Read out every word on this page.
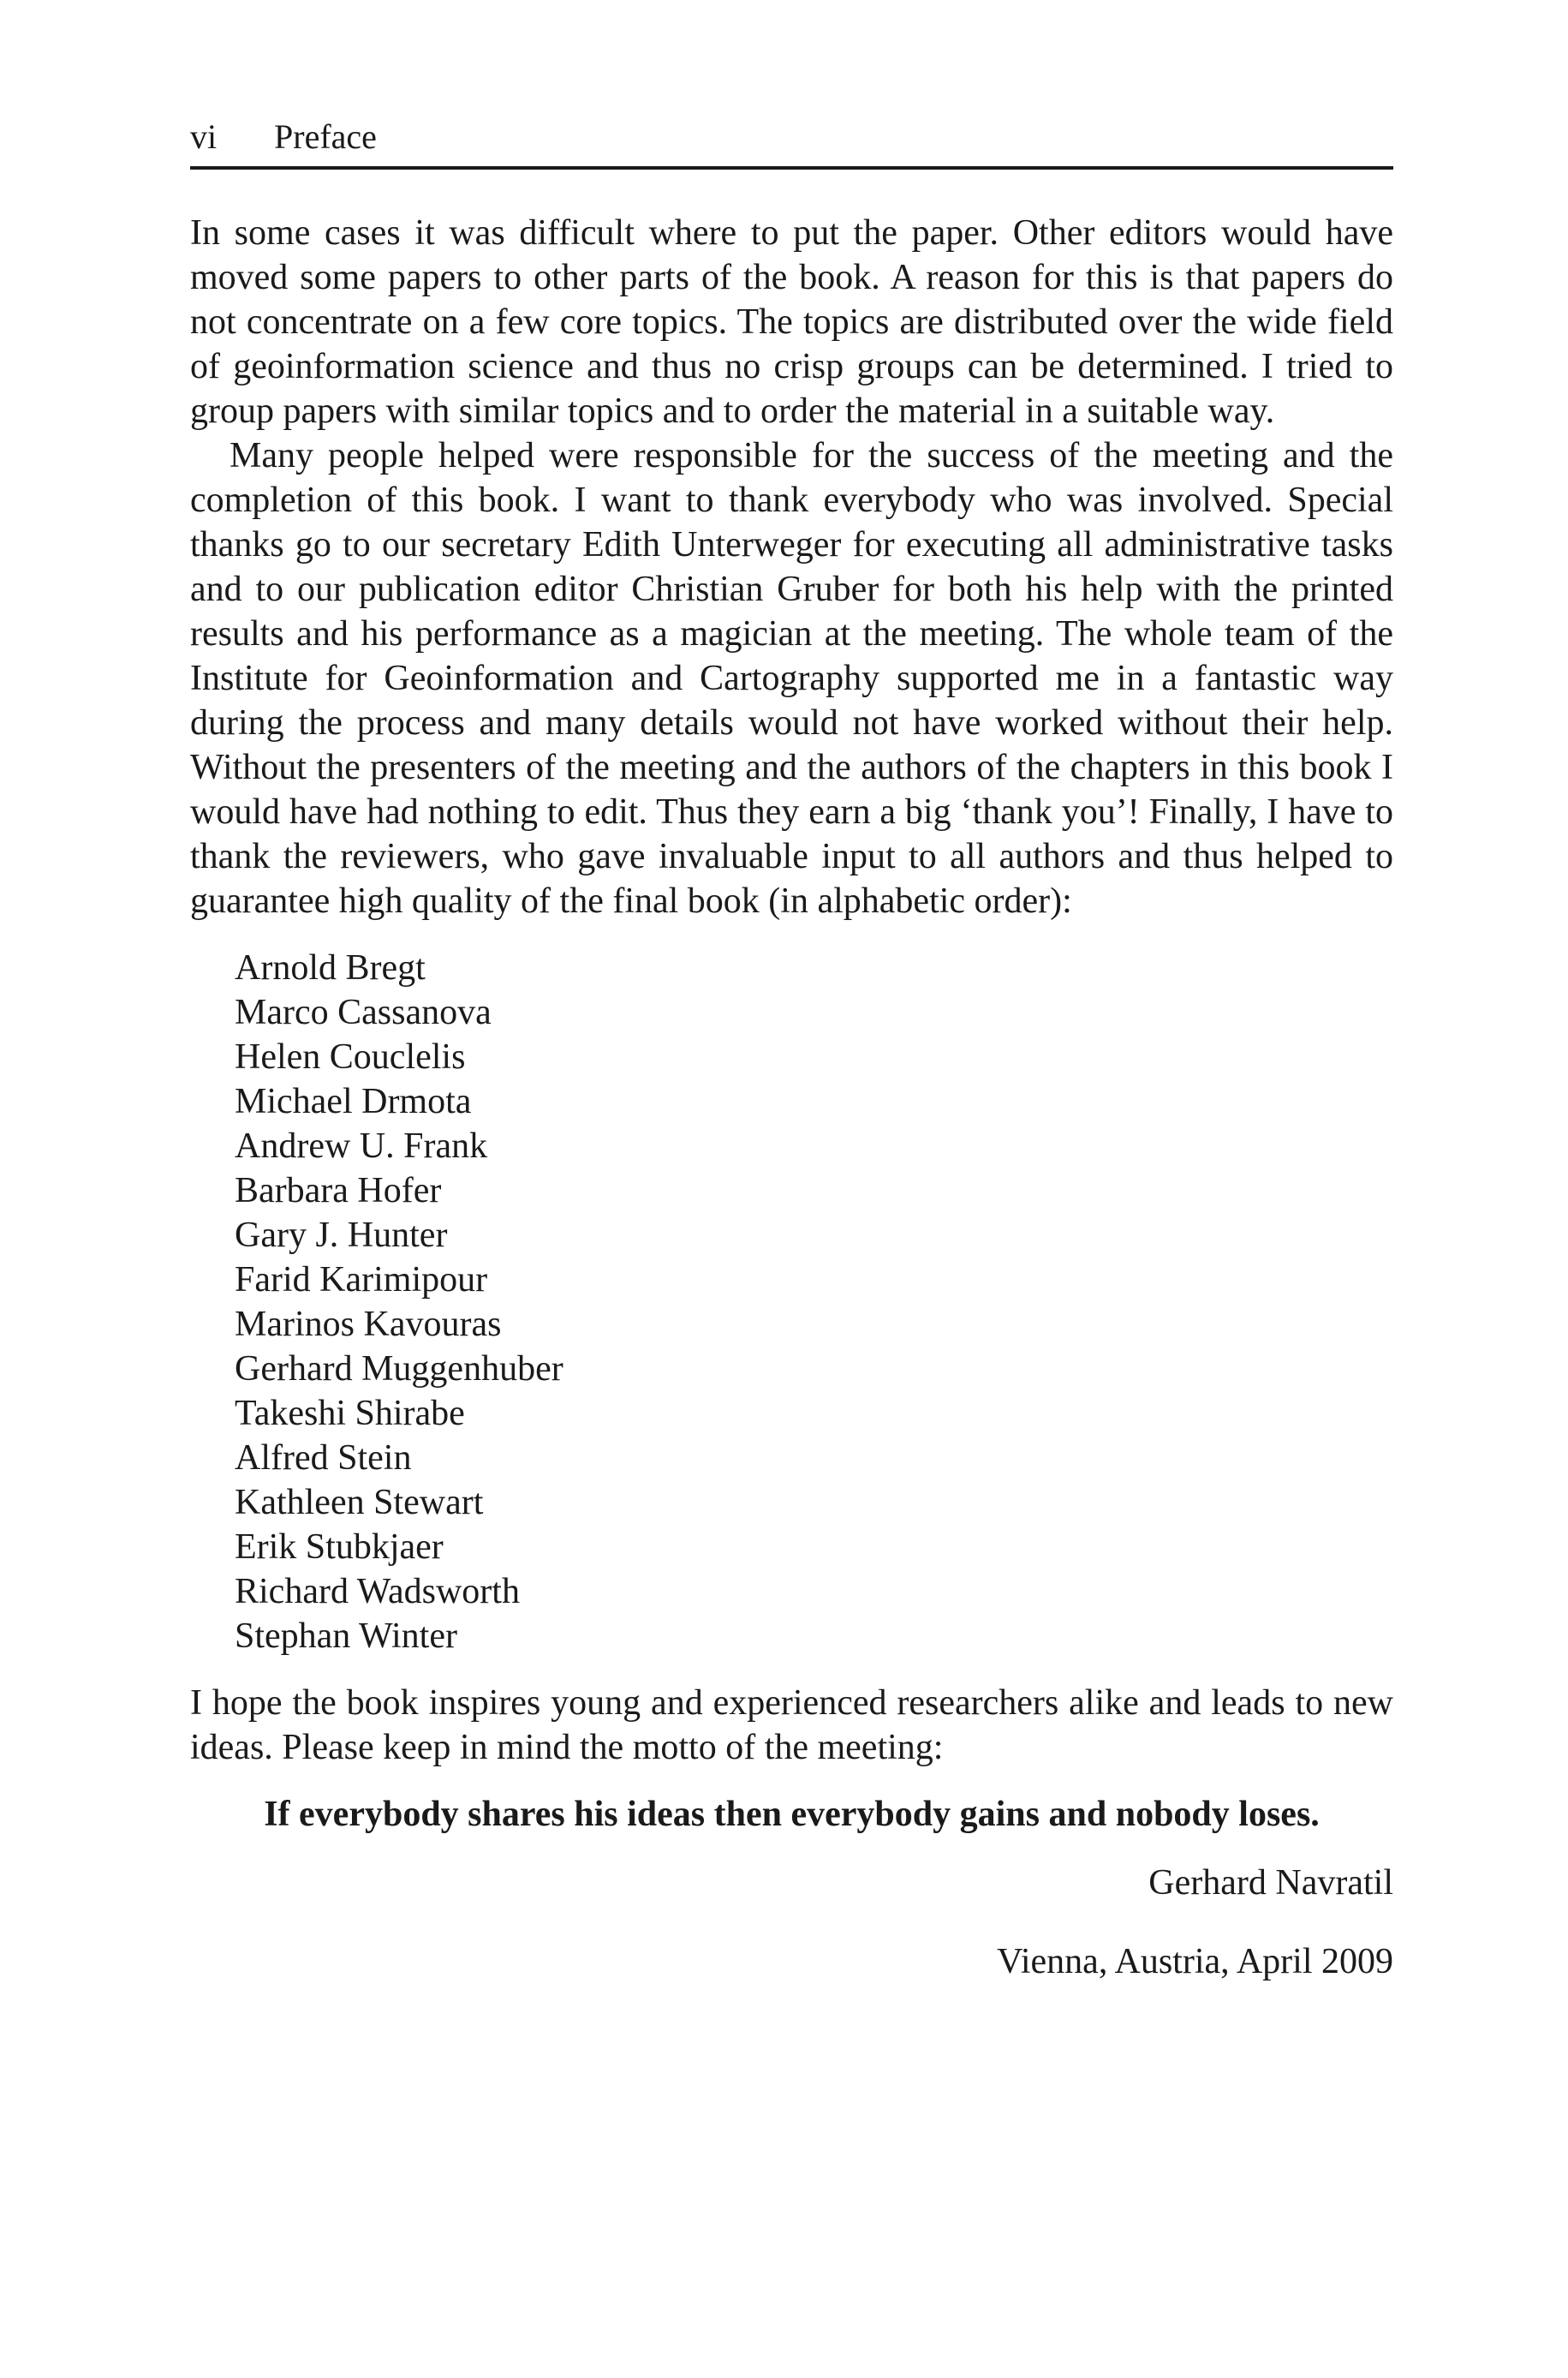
vi	Preface

In some cases it was difficult where to put the paper. Other editors would have moved some papers to other parts of the book. A reason for this is that papers do not concentrate on a few core topics. The topics are distributed over the wide field of geoinformation science and thus no crisp groups can be determined. I tried to group papers with similar topics and to order the material in a suitable way.

Many people helped were responsible for the success of the meeting and the completion of this book. I want to thank everybody who was involved. Special thanks go to our secretary Edith Unterweger for executing all administrative tasks and to our publication editor Christian Gruber for both his help with the printed results and his performance as a magician at the meeting. The whole team of the Institute for Geoinformation and Cartography supported me in a fantastic way during the process and many details would not have worked without their help. Without the presenters of the meeting and the authors of the chapters in this book I would have had nothing to edit. Thus they earn a big ‘thank you’! Finally, I have to thank the reviewers, who gave invaluable input to all authors and thus helped to guarantee high quality of the final book (in alphabetic order):

Arnold Bregt
Marco Cassanova
Helen Couclelis
Michael Drmota
Andrew U. Frank
Barbara Hofer
Gary J. Hunter
Farid Karimipour
Marinos Kavouras
Gerhard Muggenhuber
Takeshi Shirabe
Alfred Stein
Kathleen Stewart
Erik Stubkjaer
Richard Wadsworth
Stephan Winter

I hope the book inspires young and experienced researchers alike and leads to new ideas. Please keep in mind the motto of the meeting:

If everybody shares his ideas then everybody gains and nobody loses.

Gerhard Navratil

Vienna, Austria, April 2009
